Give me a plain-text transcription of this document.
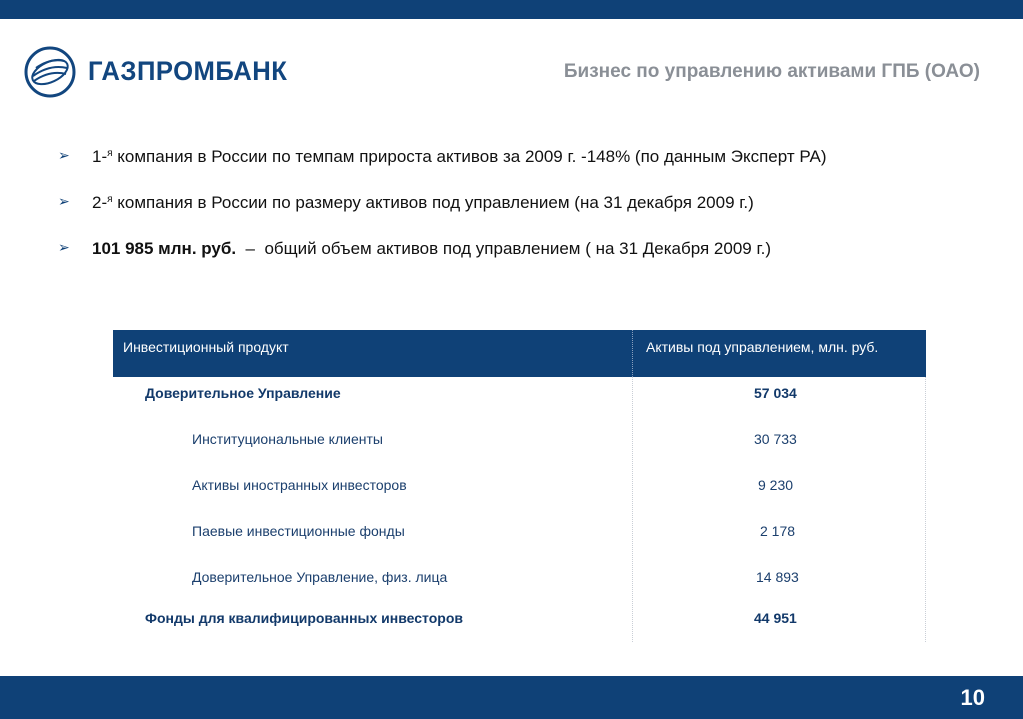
ГАЗПРОМБАНК	Бизнес по управлению активами ГПБ (ОАО)
➢ 1-$^я$ компания в России по темпам прироста активов за 2009 г. -148% (по данным Эксперт РА)
➢ 2-$^я$ компания в России по размеру активов под управлением (на 31 декабря 2009 г.)
➢ 101 985 млн. руб.  –  общий объем активов под управлением ( на 31 Декабря 2009 г.)
Инвестиционный продукт	Активы под управлением, млн. руб.
Доверительное Управление	57 034
Институциональные клиенты	30 733
Активы иностранных инвесторов	9 230
Паевые инвестиционные фонды	2 178
Доверительное Управление, физ. лица	14 893
Фонды для квалифицированных инвесторов	44 951
10
